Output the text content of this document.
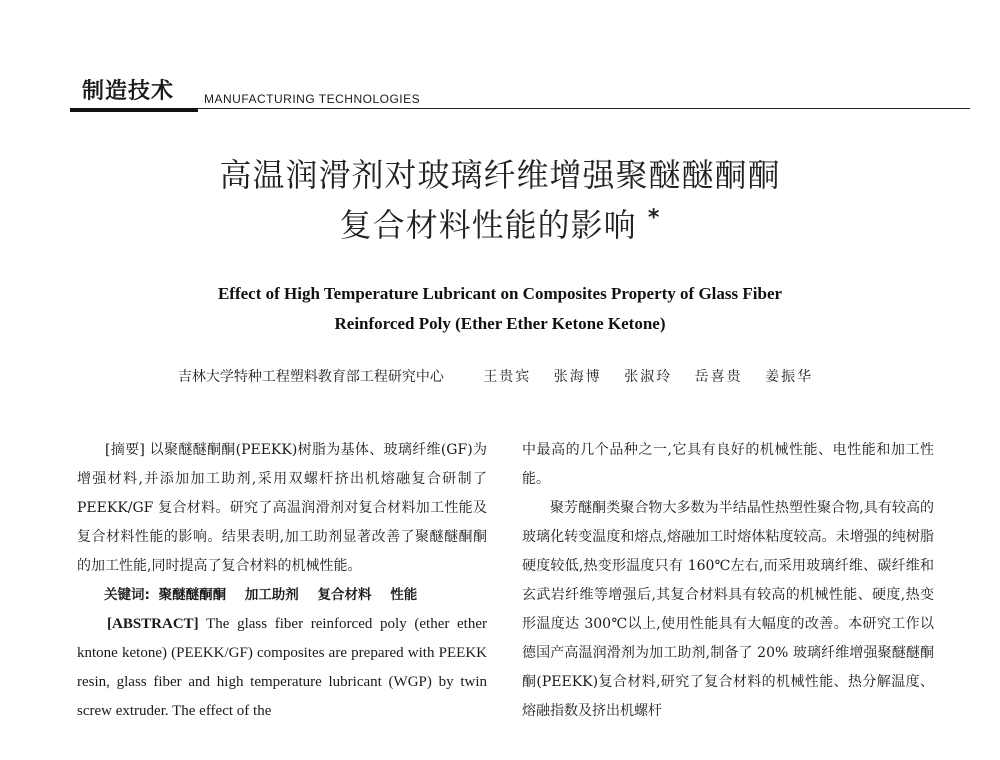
制造技术 MANUFACTURING TECHNOLOGIES
高温润滑剂对玻璃纤维增强聚醚醚酮酮
复合材料性能的影响 *
Effect of High Temperature Lubricant on Composites Property of Glass Fiber
Reinforced Poly (Ether Ether Ketone Ketone)
吉林大学特种工程塑料教育部工程研究中心	王贵宾 张海博 张淑玲 岳喜贵 姜振华

[摘要] 以聚醚醚酮酮(PEEKK)树脂为基体、玻璃纤维(GF)为增强材料,并添加加工助剂,采用双螺杆挤出机熔融复合研制了 PEEKK/GF 复合材料。研究了高温润滑剂对复合材料加工性能及复合材料性能的影响。结果表明,加工助剂显著改善了聚醚醚酮酮的加工性能,同时提高了复合材料的机械性能。

关键词: 聚醚醚酮酮 加工助剂 复合材料 性能

[ABSTRACT] The glass fiber reinforced poly (ether ether kntone ketone) (PEEKK/GF) composites are prepared with PEEKK resin, glass fiber and high temperature lubricant (WGP) by twin screw extruder. The effect of the

中最高的几个品种之一,它具有良好的机械性能、电性能和加工性能。

聚芳醚酮类聚合物大多数为半结晶性热塑性聚合物,具有较高的玻璃化转变温度和熔点,熔融加工时熔体粘度较高。未增强的纯树脂硬度较低,热变形温度只有 160℃左右,而采用玻璃纤维、碳纤维和玄武岩纤维等增强后,其复合材料具有较高的机械性能、硬度,热变形温度达 300℃以上,使用性能具有大幅度的改善。本研究工作以德国产高温润滑剂为加工助剂,制备了 20% 玻璃纤维增强聚醚醚酮酮(PEEKK)复合材料,研究了复合材料的机械性能、热分解温度、熔融指数及挤出机螺杆
